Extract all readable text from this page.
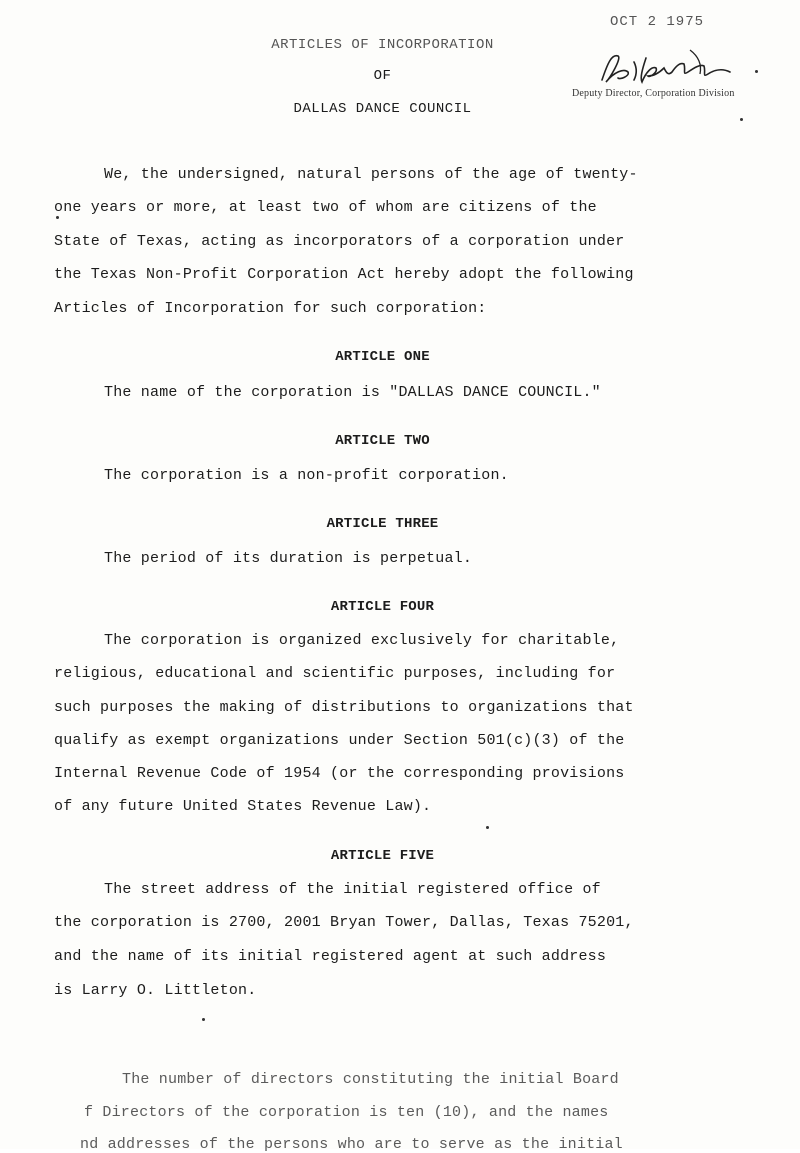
ARTICLES OF INCORPORATION
OF
DALLAS DANCE COUNCIL
OCT 2 1975
Deputy Director, Corporation Division
We, the undersigned, natural persons of the age of twenty-
one years or more, at least two of whom are citizens of the
State of Texas, acting as incorporators of a corporation under
the Texas Non-Profit Corporation Act hereby adopt the following
Articles of Incorporation for such corporation:
ARTICLE ONE
The name of the corporation is "DALLAS DANCE COUNCIL."
ARTICLE TWO
The corporation is a non-profit corporation.
ARTICLE THREE
The period of its duration is perpetual.
ARTICLE FOUR
The corporation is organized exclusively for charitable,
religious, educational and scientific purposes, including for
such purposes the making of distributions to organizations that
qualify as exempt organizations under Section 501(c)(3) of the
Internal Revenue Code of 1954 (or the corresponding provisions
of any future United States Revenue Law).
ARTICLE FIVE
The street address of the initial registered office of
the corporation is 2700, 2001 Bryan Tower, Dallas, Texas 75201,
and the name of its initial registered agent at such address
is Larry O. Littleton.
The number of directors constituting the initial Board
f Directors of the corporation is ten (10), and the names
nd addresses of the persons who are to serve as the initial
